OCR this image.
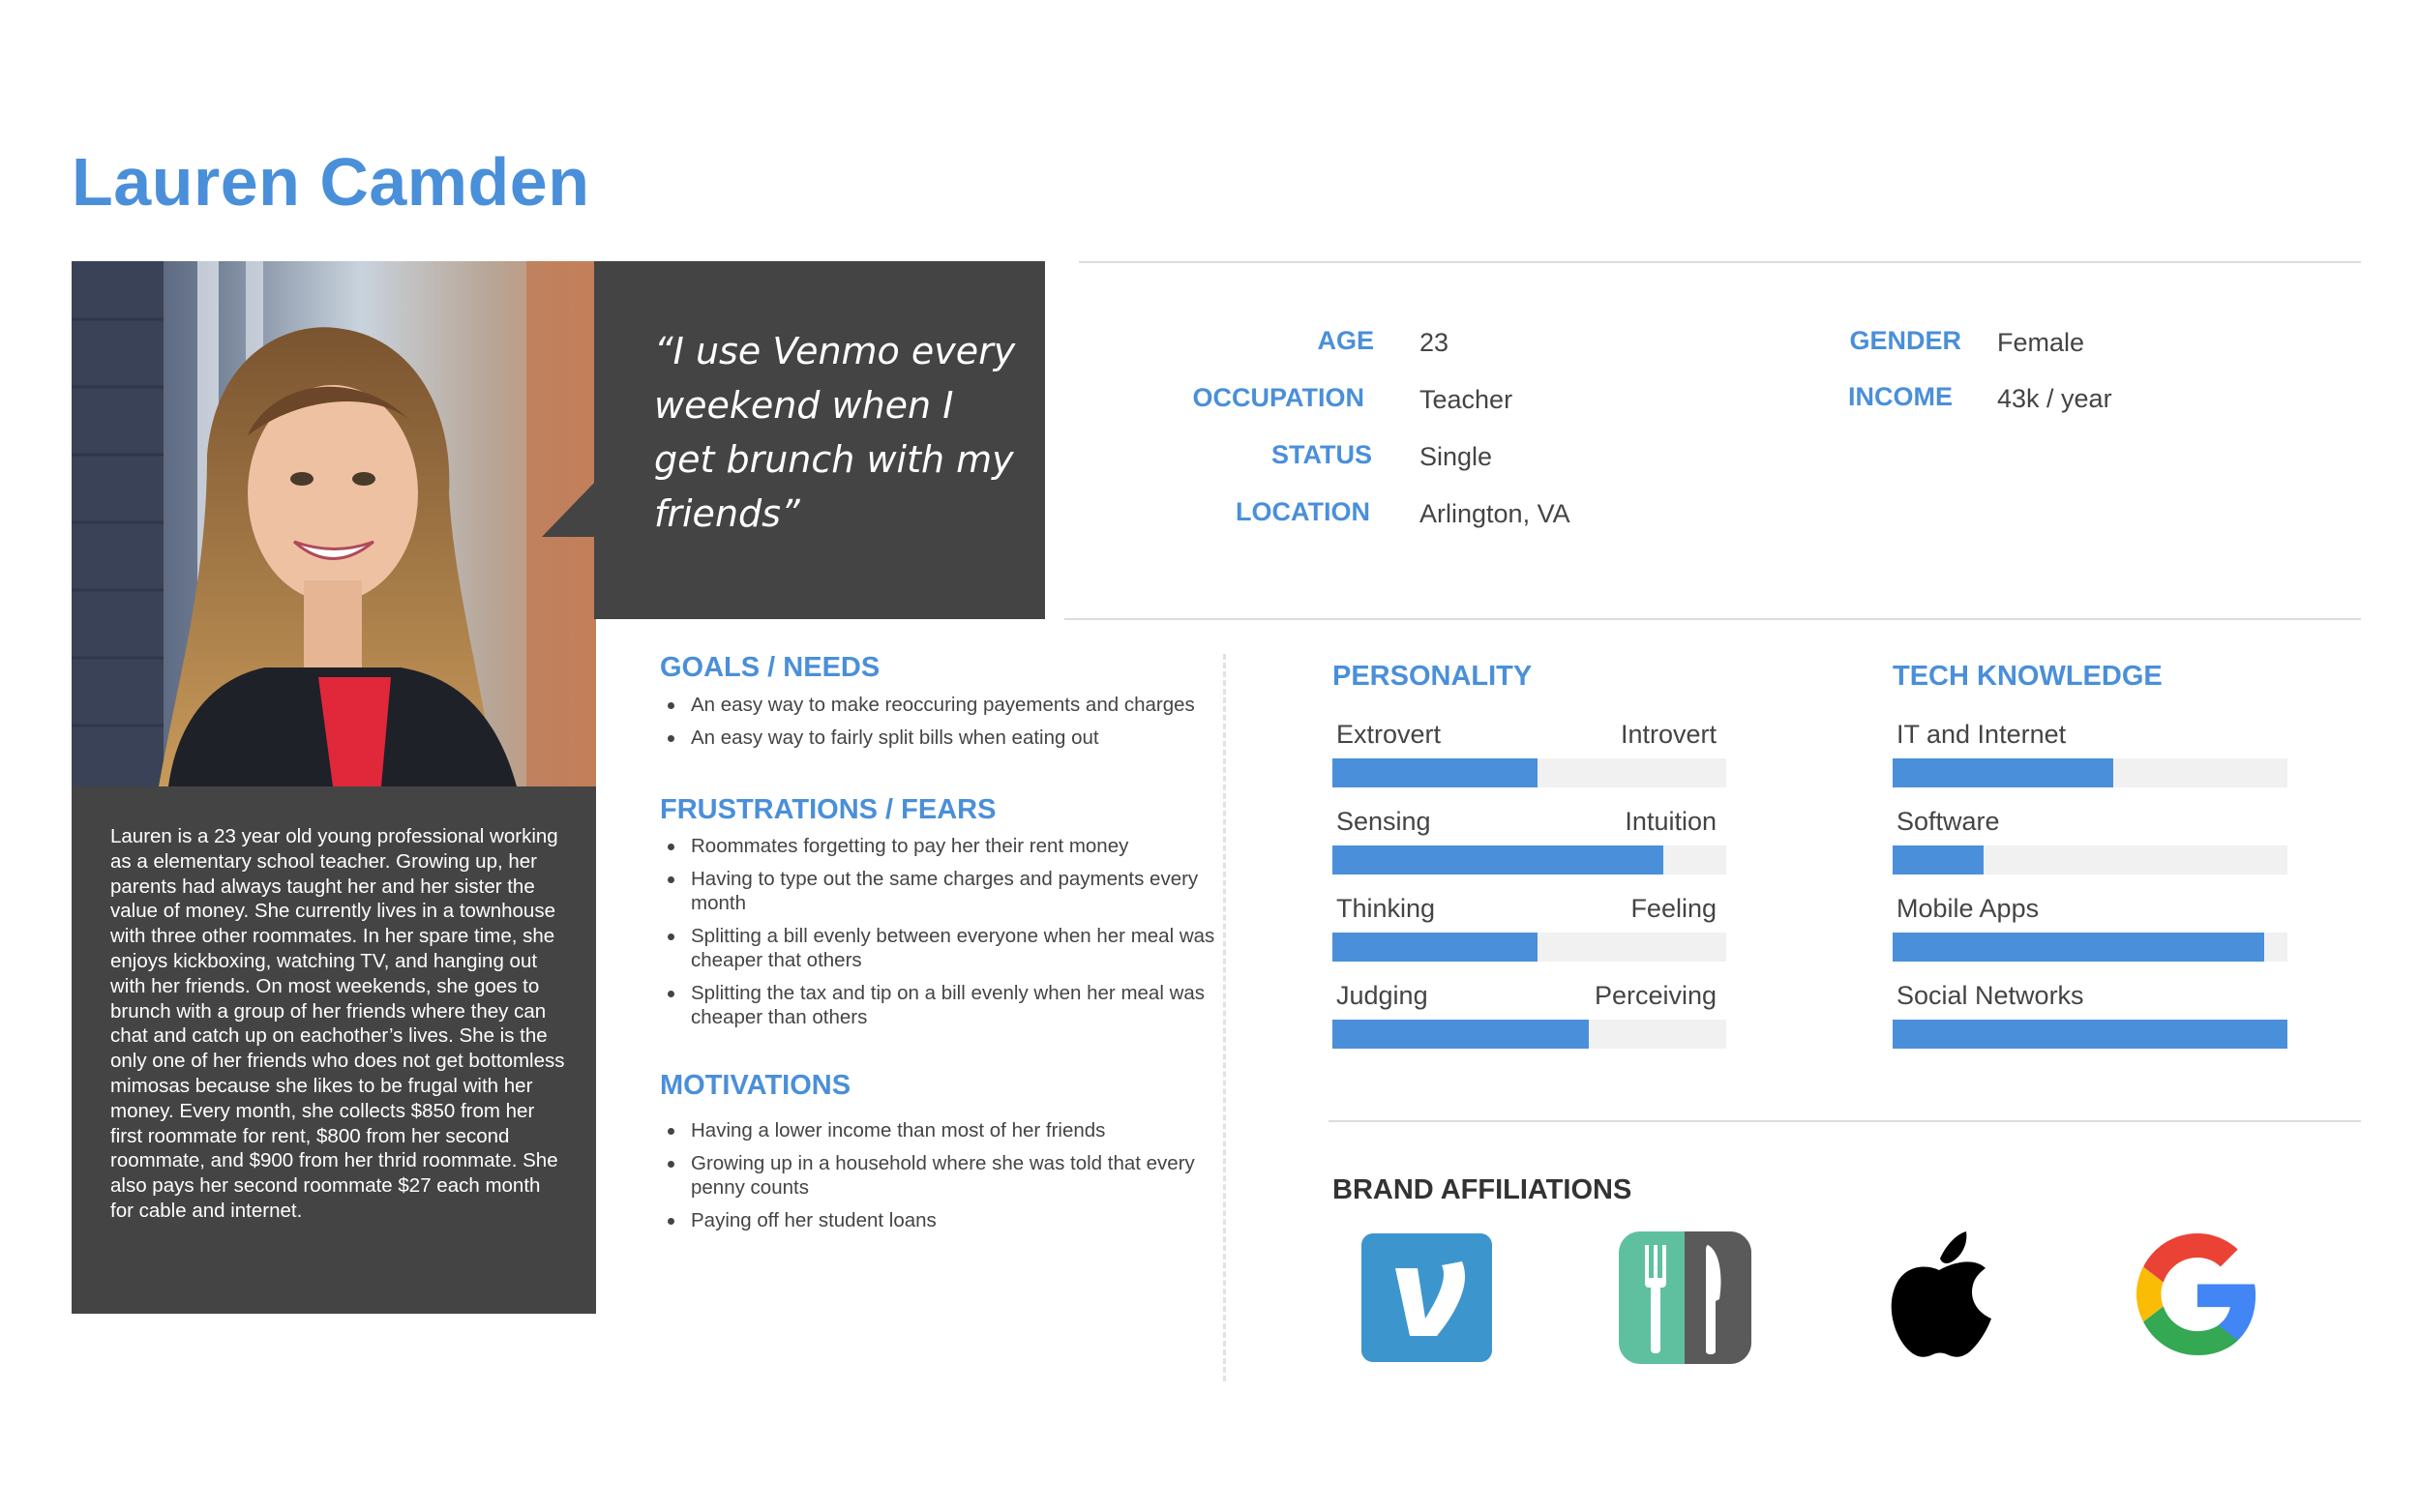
Lauren Camden
“I use Venmo every weekend when I get brunch with my friends”
Lauren is a 23 year old young professional working as a elementary school teacher. Growing up, her parents had always taught her and her sister the value of money. She currently lives in a townhouse with three other roommates. In her spare time, she enjoys kickboxing, watching TV, and hanging out with her friends. On most weekends, she goes to brunch with a group of her friends where they can chat and catch up on eachother’s lives. She is the only one of her friends who does not get bottomless mimosas because she likes to be frugal with her money. Every month, she collects $850 from her first roommate for rent, $800 from her second roommate, and $900 from her thrid roommate. She also pays her second roommate $27 each month for cable and internet.
AGE 23
OCCUPATION Teacher
STATUS Single
LOCATION Arlington, VA
GENDER Female
INCOME 43k / year
GOALS / NEEDS
An easy way to make reoccuring payements and charges
An easy way to fairly split bills when eating out
FRUSTRATIONS / FEARS
Roommates forgetting to pay her their rent money
Having to type out the same charges and payments every month
Splitting a bill evenly between everyone when her meal was cheaper that others
Splitting the tax and tip on a bill evenly when her meal was cheaper than others
MOTIVATIONS
Having a lower income than most of her friends
Growing up in a household where she was told that every penny counts
Paying off her student loans
PERSONALITY
Extrovert	Introvert
Sensing	Intuition
Thinking	Feeling
Judging	Perceiving
TECH KNOWLEDGE
IT and Internet
Software
Mobile Apps
Social Networks
BRAND AFFILIATIONS
